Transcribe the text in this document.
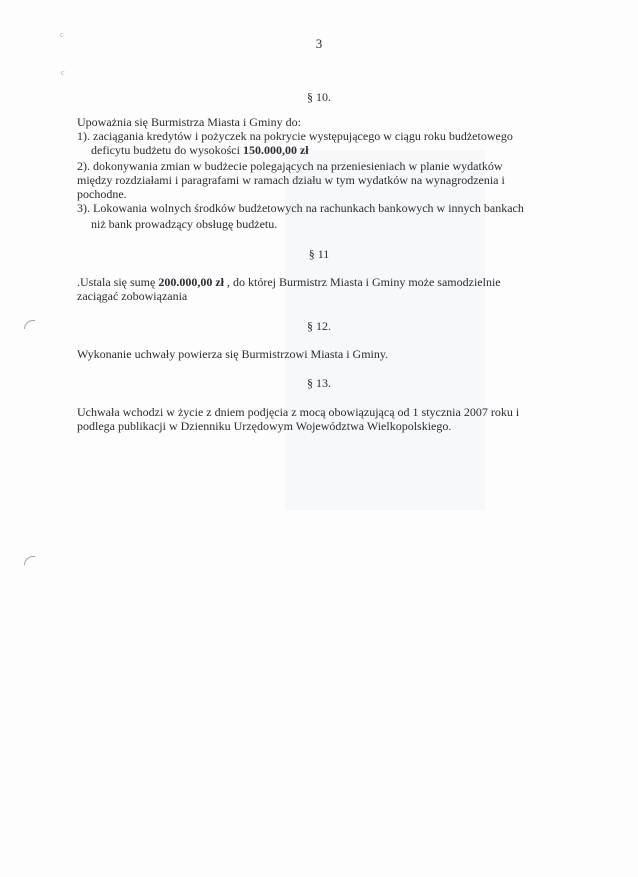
c
c
3
§ 10.
Upoważnia się Burmistrza Miasta i Gminy do:
1). zaciągania kredytów i pożyczek na pokrycie występującego w ciągu roku budżetowego
deficytu budżetu do wysokości 150.000,00 zł
2). dokonywania zmian w budżecie polegających na przeniesieniach w planie wydatków
między rozdziałami i paragrafami w ramach działu w tym wydatków na wynagrodzenia i
pochodne.
3). Lokowania wolnych środków budżetowych na rachunkach bankowych w innych bankach
niż bank prowadzący obsługę budżetu.
§ 11
.Ustala się sumę 200.000,00 zł , do której Burmistrz Miasta i Gminy może samodzielnie
zaciągać zobowiązania
§ 12.
Wykonanie uchwały powierza się Burmistrzowi Miasta i Gminy.
§ 13.
Uchwała wchodzi w życie z dniem podjęcia z mocą obowiązującą od 1 stycznia 2007 roku i
podlega publikacji w Dzienniku Urzędowym Województwa Wielkopolskiego.
